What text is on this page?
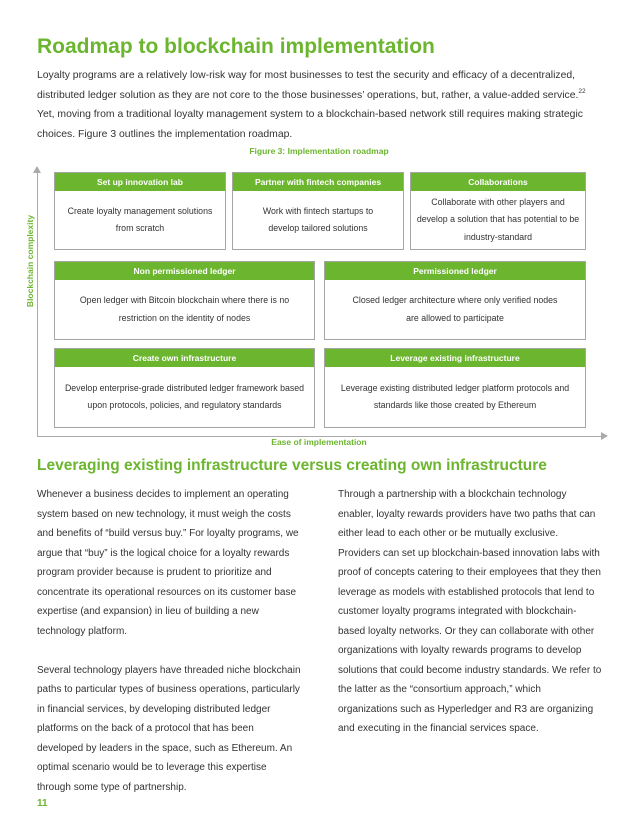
Roadmap to blockchain implementation
Loyalty programs are a relatively low-risk way for most businesses to test the security and efficacy of a decentralized, distributed ledger solution as they are not core to the those businesses’ operations, but, rather, a value-added service.$^{22}$ Yet, moving from a traditional loyalty management system to a blockchain-based network still requires making strategic choices. Figure 3 outlines the implementation roadmap.
Figure 3: Implementation roadmap
Blockchain complexity
Set up innovation lab
Create loyalty management solutions from scratch
Partner with fintech companies
Work with fintech startups to develop tailored solutions
Collaborations
Collaborate with other players and develop a solution that has potential to be industry-standard
Non permissioned ledger
Open ledger with Bitcoin blockchain where there is no restriction on the identity of nodes
Permissioned ledger
Closed ledger architecture where only verified nodes are allowed to participate
Create own infrastructure
Develop enterprise-grade distributed ledger framework based upon protocols, policies, and regulatory standards
Leverage existing infrastructure
Leverage existing distributed ledger platform protocols and standards like those created by Ethereum
Ease of implementation
Leveraging existing infrastructure versus creating own infrastructure

Whenever a business decides to implement an operating system based on new technology, it must weigh the costs and benefits of “build versus buy.” For loyalty programs, we argue that “buy” is the logical choice for a loyalty rewards program provider because is prudent to prioritize and concentrate its operational resources on its customer base expertise (and expansion) in lieu of building a new technology platform.

Several technology players have threaded niche blockchain paths to particular types of business operations, particularly in financial services, by developing distributed ledger platforms on the back of a protocol that has been developed by leaders in the space, such as Ethereum. An optimal scenario would be to leverage this expertise through some type of partnership.

Through a partnership with a blockchain technology enabler, loyalty rewards providers have two paths that can either lead to each other or be mutually exclusive. Providers can set up blockchain-based innovation labs with proof of concepts catering to their employees that they then leverage as models with established protocols that lend to customer loyalty programs integrated with blockchain-based loyalty networks. Or they can collaborate with other organizations with loyalty rewards programs to develop solutions that could become industry standards. We refer to the latter as the “consortium approach,” which organizations such as Hyperledger and R3 are organizing and executing in the financial services space.

11
